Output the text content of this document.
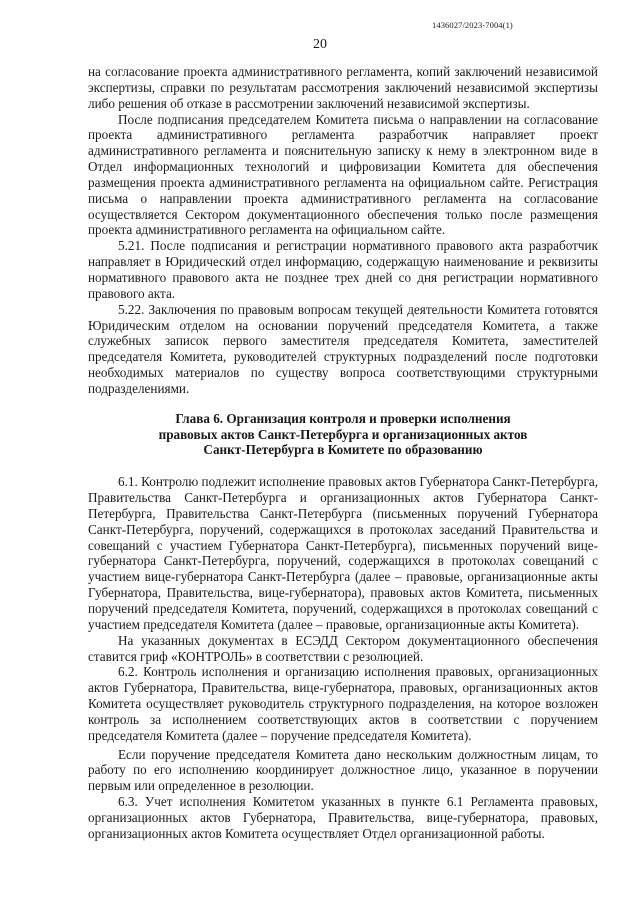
1436027/2023-7004(1)
20

на согласование проекта административного регламента, копий заключений независимой экспертизы, справки по результатам рассмотрения заключений независимой экспертизы либо решения об отказе в рассмотрении заключений независимой экспертизы.

После подписания председателем Комитета письма о направлении на согласование проекта административного регламента разработчик направляет проект административного регламента и пояснительную записку к нему в электронном виде в Отдел информационных технологий и цифровизации Комитета для обеспечения размещения проекта административного регламента на официальном сайте. Регистрация письма о направлении проекта административного регламента на согласование осуществляется Сектором документационного обеспечения только после размещения проекта административного регламента на официальном сайте.

5.21. После подписания и регистрации нормативного правового акта разработчик направляет в Юридический отдел информацию, содержащую наименование и реквизиты нормативного правового акта не позднее трех дней со дня регистрации нормативного правового акта.

5.22. Заключения по правовым вопросам текущей деятельности Комитета готовятся Юридическим отделом на основании поручений председателя Комитета, а также служебных записок первого заместителя председателя Комитета, заместителей председателя Комитета, руководителей структурных подразделений после подготовки необходимых материалов по существу вопроса соответствующими структурными подразделениями.

Глава 6. Организация контроля и проверки исполнения
правовых актов Санкт-Петербурга и организационных актов
Санкт-Петербурга в Комитете по образованию

6.1. Контролю подлежит исполнение правовых актов Губернатора Санкт-Петербурга, Правительства Санкт-Петербурга и организационных актов Губернатора Санкт-Петербурга, Правительства Санкт-Петербурга (письменных поручений Губернатора Санкт-Петербурга, поручений, содержащихся в протоколах заседаний Правительства и совещаний с участием Губернатора Санкт-Петербурга), письменных поручений вице-губернатора Санкт-Петербурга, поручений, содержащихся в протоколах совещаний с участием вице-губернатора Санкт-Петербурга (далее – правовые, организационные акты Губернатора, Правительства, вице-губернатора), правовых актов Комитета, письменных поручений председателя Комитета, поручений, содержащихся в протоколах совещаний с участием председателя Комитета (далее – правовые, организационные акты Комитета).

На указанных документах в ЕСЭДД Сектором документационного обеспечения ставится гриф «КОНТРОЛЬ» в соответствии с резолюцией.

6.2. Контроль исполнения и организацию исполнения правовых, организационных актов Губернатора, Правительства, вице-губернатора, правовых, организационных актов Комитета осуществляет руководитель структурного подразделения, на которое возложен контроль за исполнением соответствующих актов в соответствии с поручением председателя Комитета (далее – поручение председателя Комитета).

Если поручение председателя Комитета дано нескольким должностным лицам, то работу по его исполнению координирует должностное лицо, указанное в поручении первым или определенное в резолюции.

6.3. Учет исполнения Комитетом указанных в пункте 6.1 Регламента правовых, организационных актов Губернатора, Правительства, вице-губернатора, правовых, организационных актов Комитета осуществляет Отдел организационной работы.
